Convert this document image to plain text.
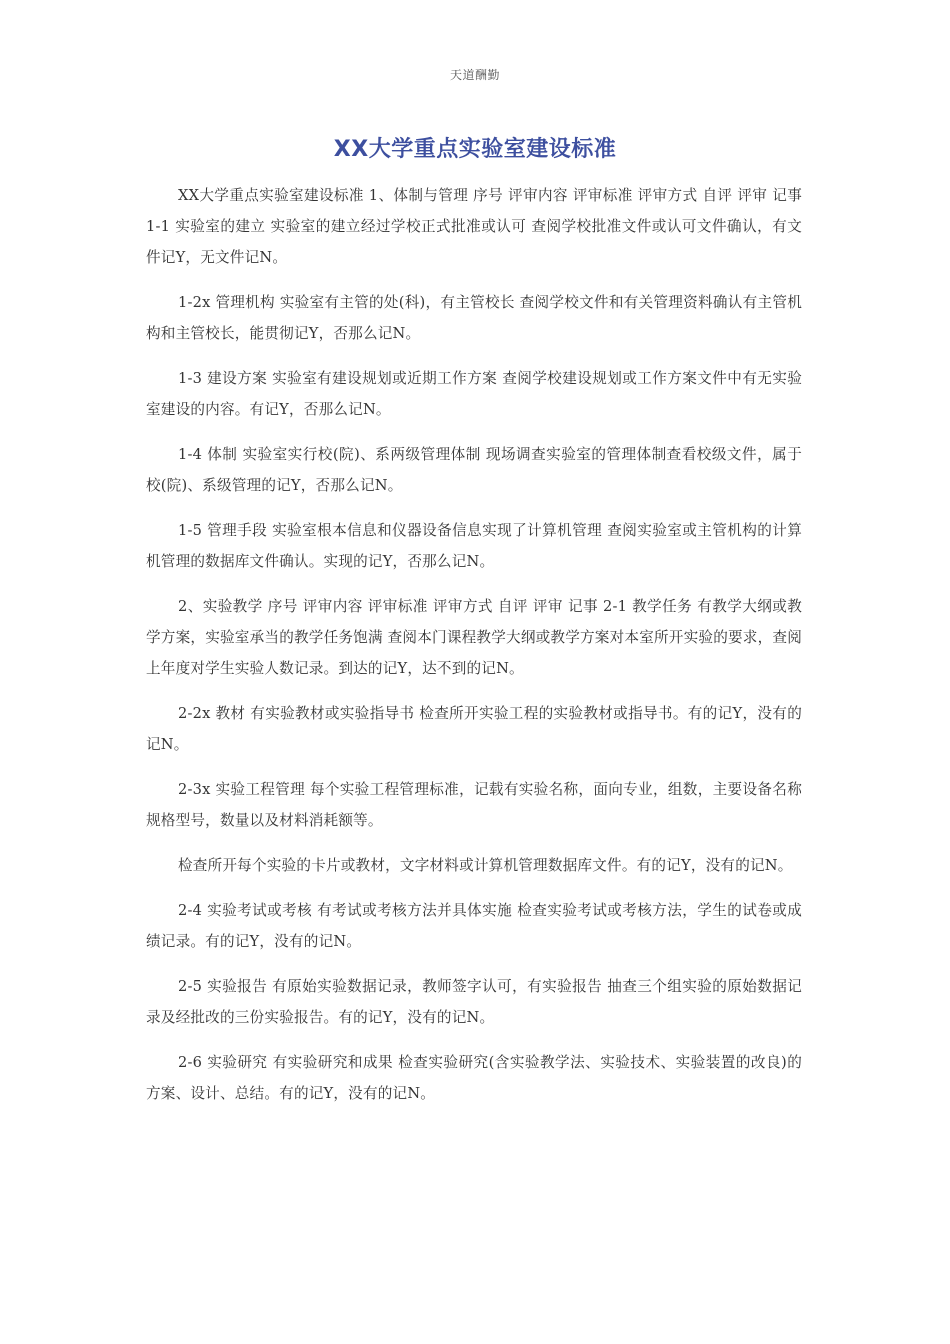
天道酬勤
XX大学重点实验室建设标准

XX大学重点实验室建设标准 1、体制与管理 序号 评审内容 评审标准 评审方式 自评 评审 记事 1-1 实验室的建立 实验室的建立经过学校正式批准或认可 查阅学校批准文件或认可文件确认，有文件记Y，无文件记N。

1-2x 管理机构 实验室有主管的处(科)，有主管校长 查阅学校文件和有关管理资料确认有主管机构和主管校长，能贯彻记Y，否那么记N。

1-3 建设方案 实验室有建设规划或近期工作方案 查阅学校建设规划或工作方案文件中有无实验室建设的内容。有记Y，否那么记N。

1-4 体制 实验室实行校(院)、系两级管理体制 现场调查实验室的管理体制查看校级文件，属于校(院)、系级管理的记Y，否那么记N。

1-5 管理手段 实验室根本信息和仪器设备信息实现了计算机管理 查阅实验室或主管机构的计算机管理的数据库文件确认。实现的记Y，否那么记N。

2、实验教学 序号 评审内容 评审标准 评审方式 自评 评审 记事 2-1 教学任务 有教学大纲或教学方案，实验室承当的教学任务饱满 查阅本门课程教学大纲或教学方案对本室所开实验的要求，查阅上年度对学生实验人数记录。到达的记Y，达不到的记N。

2-2x 教材 有实验教材或实验指导书 检查所开实验工程的实验教材或指导书。有的记Y，没有的记N。

2-3x 实验工程管理 每个实验工程管理标准，记载有实验名称，面向专业，组数，主要设备名称规格型号，数量以及材料消耗额等。

检查所开每个实验的卡片或教材，文字材料或计算机管理数据库文件。有的记Y，没有的记N。

2-4 实验考试或考核 有考试或考核方法并具体实施 检查实验考试或考核方法，学生的试卷或成绩记录。有的记Y，没有的记N。

2-5 实验报告 有原始实验数据记录，教师签字认可，有实验报告 抽查三个组实验的原始数据记录及经批改的三份实验报告。有的记Y，没有的记N。

2-6 实验研究 有实验研究和成果 检查实验研究(含实验教学法、实验技术、实验装置的改良)的方案、设计、总结。有的记Y，没有的记N。
